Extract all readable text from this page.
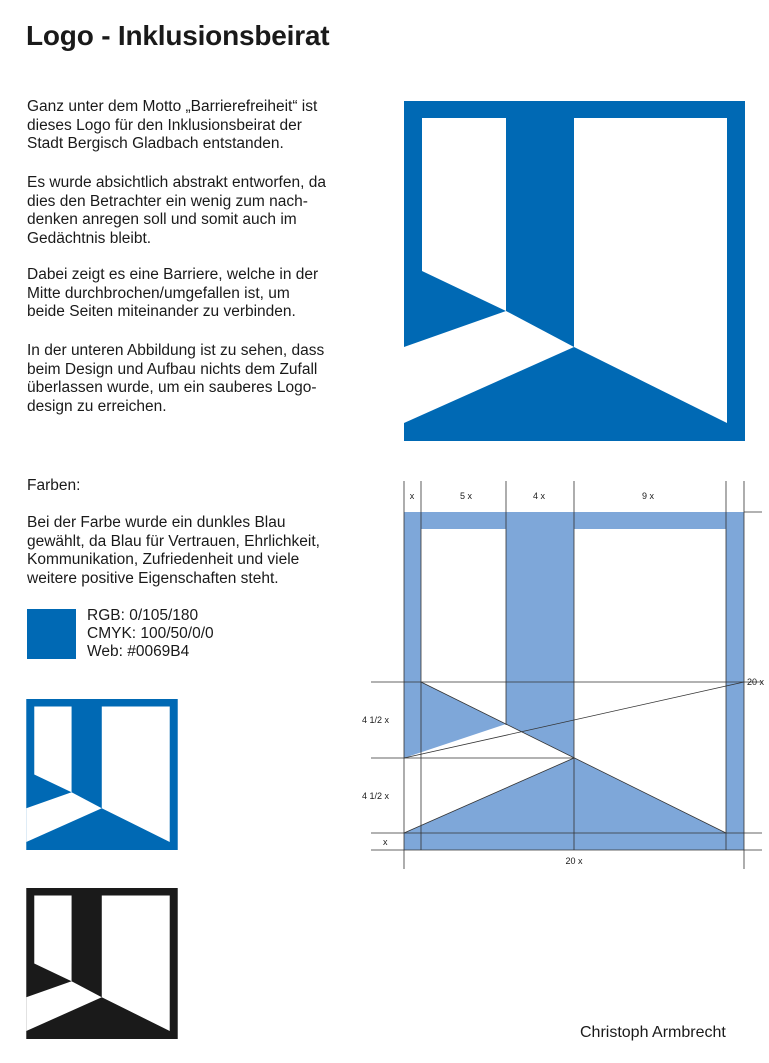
Logo - Inklusionsbeirat

Ganz unter dem Motto „Barrierefreiheit“ ist
dieses Logo für den Inklusionsbeirat der
Stadt Bergisch Gladbach entstanden.

Es wurde absichtlich abstrakt entworfen, da
dies den Betrachter ein wenig zum nach-
denken anregen soll und somit auch im
Gedächtnis bleibt.

Dabei zeigt es eine Barriere, welche in der
Mitte durchbrochen/umgefallen ist, um
beide Seiten miteinander zu verbinden.

In der unteren Abbildung ist zu sehen, dass
beim Design und Aufbau nichts dem Zufall
überlassen wurde, um ein sauberes Logo-
design zu erreichen.

Farben:

Bei der Farbe wurde ein dunkles Blau
gewählt, da Blau für Vertrauen, Ehrlichkeit,
Kommunikation, Zufriedenheit und viele
weitere positive Eigenschaften steht.

RGB: 0/105/180
CMYK: 100/50/0/0
Web: #0069B4
x	5 x	4 x	9 x
20 x
4 1/2 x
4 1/2 x
x
20 x
Christoph Armbrecht
